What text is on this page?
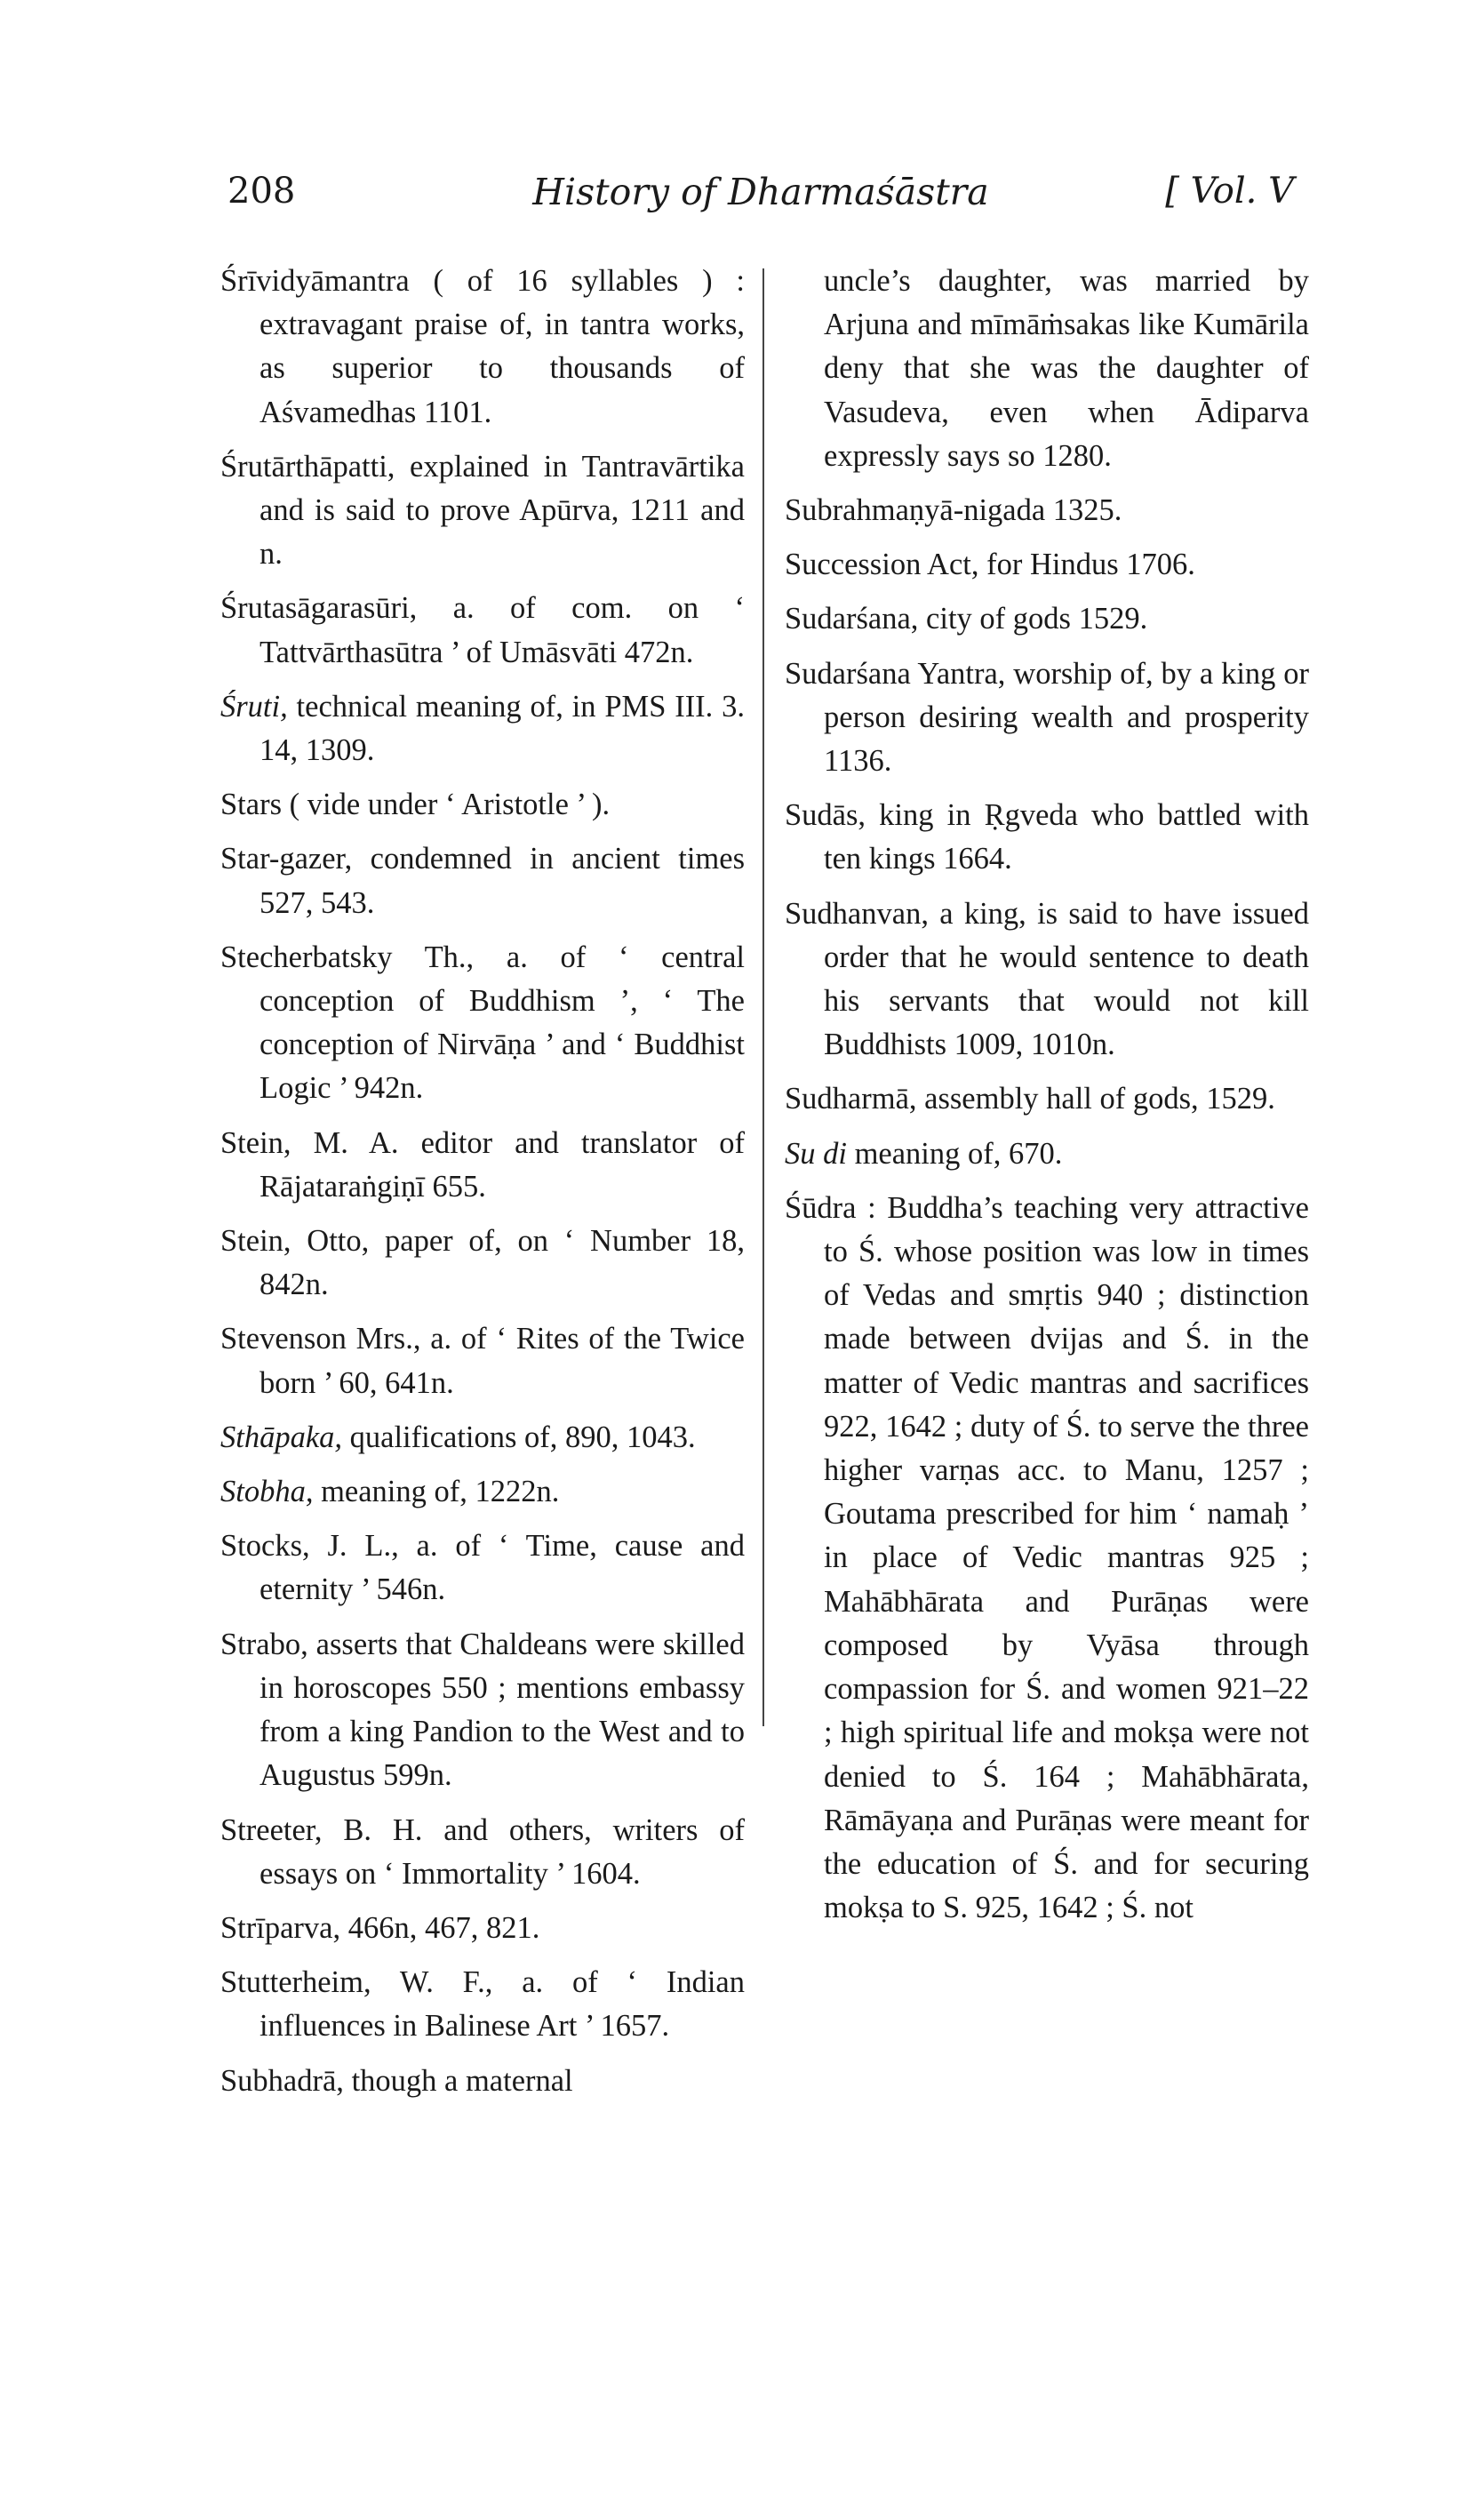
208	History of Dharmaśāstra	[ Vol. V
Śrīvidyāmantra ( of 16 syllables ) : extravagant praise of, in tantra works, as superior to thousands of Aśvamedhas 1101.
Śrutārthāpatti, explained in Tantravārtika and is said to prove Apūrva, 1211 and n.
Śrutasāgarasūri, a. of com. on ‘ Tattvārthasūtra ’ of Umāsvāti 472n.
Śruti, technical meaning of, in PMS III. 3. 14, 1309.
Stars ( vide under ‘ Aristotle ’ ).
Star-gazer, condemned in ancient times 527, 543.
Stecherbatsky Th., a. of ‘ central conception of Buddhism ’, ‘ The conception of Nirvāṇa ’ and ‘ Buddhist Logic ’ 942n.
Stein, M. A. editor and translator of Rājataraṅgiṇī 655.
Stein, Otto, paper of, on ‘ Number 18, 842n.
Stevenson Mrs., a. of ‘ Rites of the Twice born ’ 60, 641n.
Sthāpaka, qualifications of, 890, 1043.
Stobha, meaning of, 1222n.
Stocks, J. L., a. of ‘ Time, cause and eternity ’ 546n.
Strabo, asserts that Chaldeans were skilled in horoscopes 550 ; mentions embassy from a king Pandion to the West and to Augustus 599n.
Streeter, B. H. and others, writers of essays on ‘ Immortality ’ 1604.
Strīparva, 466n, 467, 821.
Stutterheim, W. F., a. of ‘ Indian influences in Balinese Art ’ 1657.
Subhadrā, though a maternal
uncle’s daughter, was married by Arjuna and mīmāṁsakas like Kumārila deny that she was the daughter of Vasudeva, even when Ādiparva expressly says so 1280.
Subrahmaṇyā-nigada 1325.
Succession Act, for Hindus 1706.
Sudarśana, city of gods 1529.
Sudarśana Yantra, worship of, by a king or person desiring wealth and prosperity 1136.
Sudās, king in Ṛgveda who battled with ten kings 1664.
Sudhanvan, a king, is said to have issued order that he would sentence to death his servants that would not kill Buddhists 1009, 1010n.
Sudharmā, assembly hall of gods, 1529.
Su di meaning of, 670.
Śūdra : Buddha’s teaching very attractive to Ś. whose position was low in times of Vedas and smṛtis 940 ; distinction made between dvijas and Ś. in the matter of Vedic mantras and sacrifices 922, 1642 ; duty of Ś. to serve the three higher varṇas acc. to Manu, 1257 ; Goutama prescribed for him ‘ namaḥ ’ in place of Vedic mantras 925 ; Mahābhārata and Purāṇas were composed by Vyāsa through compassion for Ś. and women 921–22 ; high spiritual life and mokṣa were not denied to Ś. 164 ; Mahābhārata, Rāmāyaṇa and Purāṇas were meant for the education of Ś. and for securing mokṣa to S. 925, 1642 ; Ś. not
